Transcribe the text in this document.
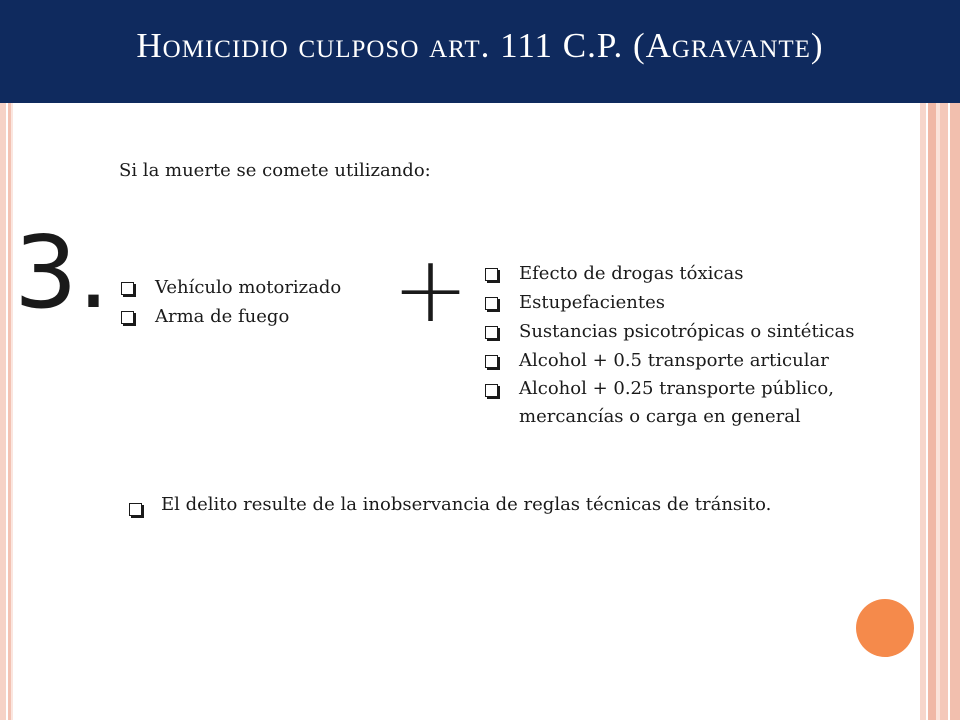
Homicidio culposo art. 111 C.P. (Agravante)

Si la muerte se comete utilizando:

3.	+
Vehículo motorizado
Arma de fuego
Efecto de drogas tóxicas
Estupefacientes
Sustancias psicotrópicas o sintéticas
Alcohol + 0.5 transporte articular
Alcohol + 0.25 transporte público, mercancías o carga en general
El delito resulte de la inobservancia de reglas técnicas de tránsito.
